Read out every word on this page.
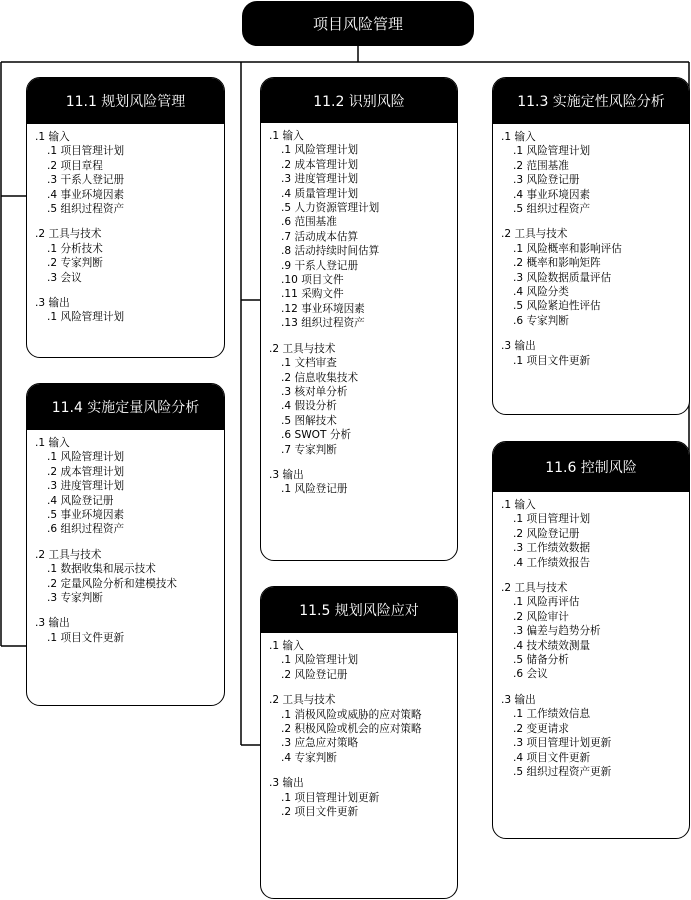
项目风险管理
11.1 规划风险管理
.1 输入
.1 项目管理计划
.2 项目章程
.3 干系人登记册
.4 事业环境因素
.5 组织过程资产
.2 工具与技术
.1 分析技术
.2 专家判断
.3 会议
.3 输出
.1 风险管理计划
11.2 识别风险
.1 输入
.1 风险管理计划
.2 成本管理计划
.3 进度管理计划
.4 质量管理计划
.5 人力资源管理计划
.6 范围基准
.7 活动成本估算
.8 活动持续时间估算
.9 干系人登记册
.10 项目文件
.11 采购文件
.12 事业环境因素
.13 组织过程资产
.2 工具与技术
.1 文档审查
.2 信息收集技术
.3 核对单分析
.4 假设分析
.5 图解技术
.6 SWOT 分析
.7 专家判断
.3 输出
.1 风险登记册
11.3 实施定性风险分析
.1 输入
.1 风险管理计划
.2 范围基准
.3 风险登记册
.4 事业环境因素
.5 组织过程资产
.2 工具与技术
.1 风险概率和影响评估
.2 概率和影响矩阵
.3 风险数据质量评估
.4 风险分类
.5 风险紧迫性评估
.6 专家判断
.3 输出
.1 项目文件更新
11.4 实施定量风险分析
.1 输入
.1 风险管理计划
.2 成本管理计划
.3 进度管理计划
.4 风险登记册
.5 事业环境因素
.6 组织过程资产
.2 工具与技术
.1 数据收集和展示技术
.2 定量风险分析和建模技术
.3 专家判断
.3 输出
.1 项目文件更新
11.5 规划风险应对
.1 输入
.1 风险管理计划
.2 风险登记册
.2 工具与技术
.1 消极风险或威胁的应对策略
.2 积极风险或机会的应对策略
.3 应急应对策略
.4 专家判断
.3 输出
.1 项目管理计划更新
.2 项目文件更新
11.6 控制风险
.1 输入
.1 项目管理计划
.2 风险登记册
.3 工作绩效数据
.4 工作绩效报告
.2 工具与技术
.1 风险再评估
.2 风险审计
.3 偏差与趋势分析
.4 技术绩效测量
.5 储备分析
.6 会议
.3 输出
.1 工作绩效信息
.2 变更请求
.3 项目管理计划更新
.4 项目文件更新
.5 组织过程资产更新
